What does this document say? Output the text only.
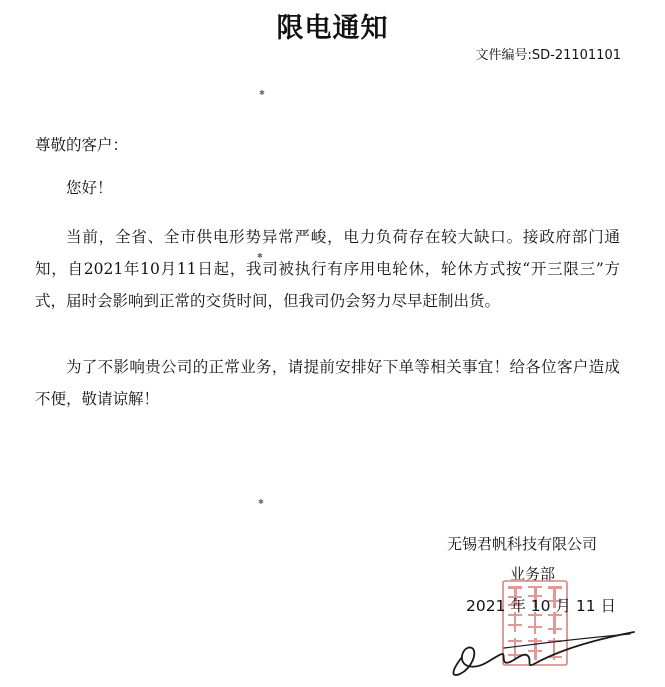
限电通知
文件编号:SD-21101101
尊敬的客户：
您好！
当前，全省、全市供电形势异常严峻，电力负荷存在较大缺口。接政府部门通知，自2021年10月11日起，我司被执行有序用电轮休，轮休方式按“开三限三”方式，届时会影响到正常的交货时间，但我司仍会努力尽早赶制出货。
为了不影响贵公司的正常业务，请提前安排好下单等相关事宜！给各位客户造成不便，敬请谅解！
✱
✱
✱
无锡君帆科技有限公司
业务部
2021 年 10 月 11 日
